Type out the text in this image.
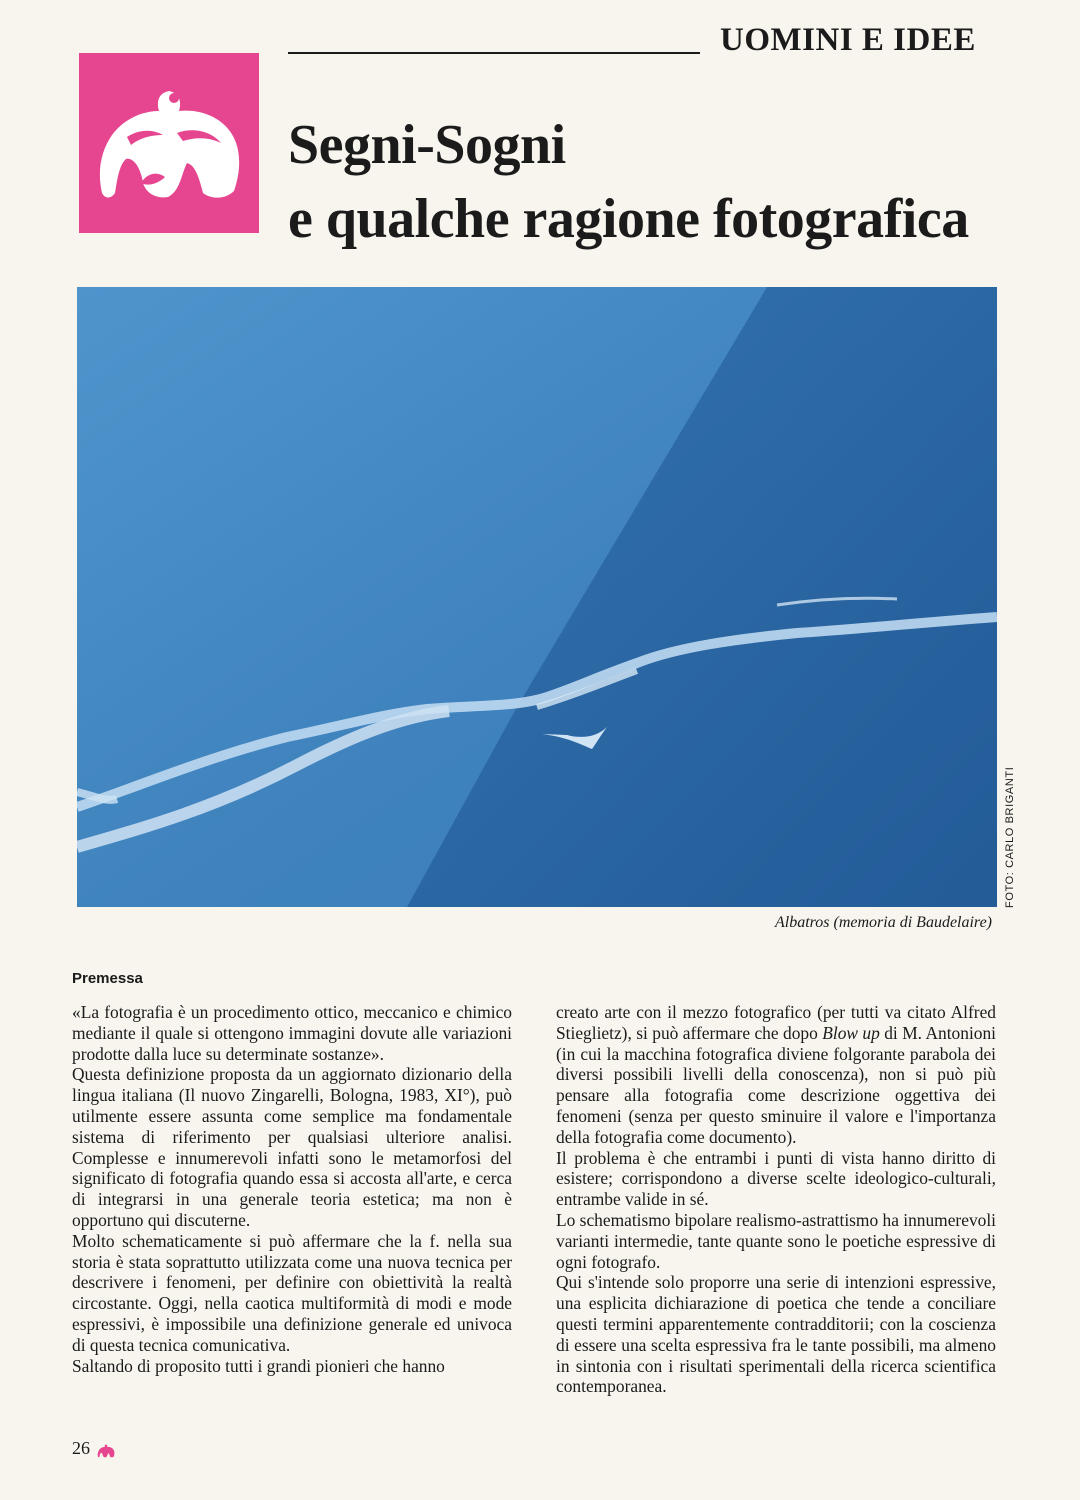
UOMINI E IDEE
Segni-Sogni
e qualche ragione fotografica
FOTO: CARLO BRIGANTI
Albatros (memoria di Baudelaire)
Premessa

«La fotografia è un procedimento ottico, meccanico e chimico mediante il quale si ottengono immagini dovute alle variazioni prodotte dalla luce su determinate sostanze».

Questa definizione proposta da un aggiornato dizionario della lingua italiana (Il nuovo Zingarelli, Bologna, 1983, XI°), può utilmente essere assunta come semplice ma fondamentale sistema di riferimento per qualsiasi ulteriore analisi. Complesse e innumerevoli infatti sono le metamorfosi del significato di fotografia quando essa si accosta all'arte, e cerca di integrarsi in una generale teoria estetica; ma non è opportuno qui discuterne.

Molto schematicamente si può affermare che la f. nella sua storia è stata soprattutto utilizzata come una nuova tecnica per descrivere i fenomeni, per definire con obiettività la realtà circostante. Oggi, nella caotica multiformità di modi e mode espressivi, è impossibile una definizione generale ed univoca di questa tecnica comunicativa.

Saltando di proposito tutti i grandi pionieri che hanno

creato arte con il mezzo fotografico (per tutti va citato Alfred Stieglietz), si può affermare che dopo Blow up di M. Antonioni (in cui la macchina fotografica diviene folgorante parabola dei diversi possibili livelli della conoscenza), non si può più pensare alla fotografia come descrizione oggettiva dei fenomeni (senza per questo sminuire il valore e l'importanza della fotografia come documento).

Il problema è che entrambi i punti di vista hanno diritto di esistere; corrispondono a diverse scelte ideologico-culturali, entrambe valide in sé.

Lo schematismo bipolare realismo-astrattismo ha innumerevoli varianti intermedie, tante quante sono le poetiche espressive di ogni fotografo.

Qui s'intende solo proporre una serie di intenzioni espressive, una esplicita dichiarazione di poetica che tende a conciliare questi termini apparentemente contradditorii; con la coscienza di essere una scelta espressiva fra le tante possibili, ma almeno in sintonia con i risultati sperimentali della ricerca scientifica contemporanea.

26
